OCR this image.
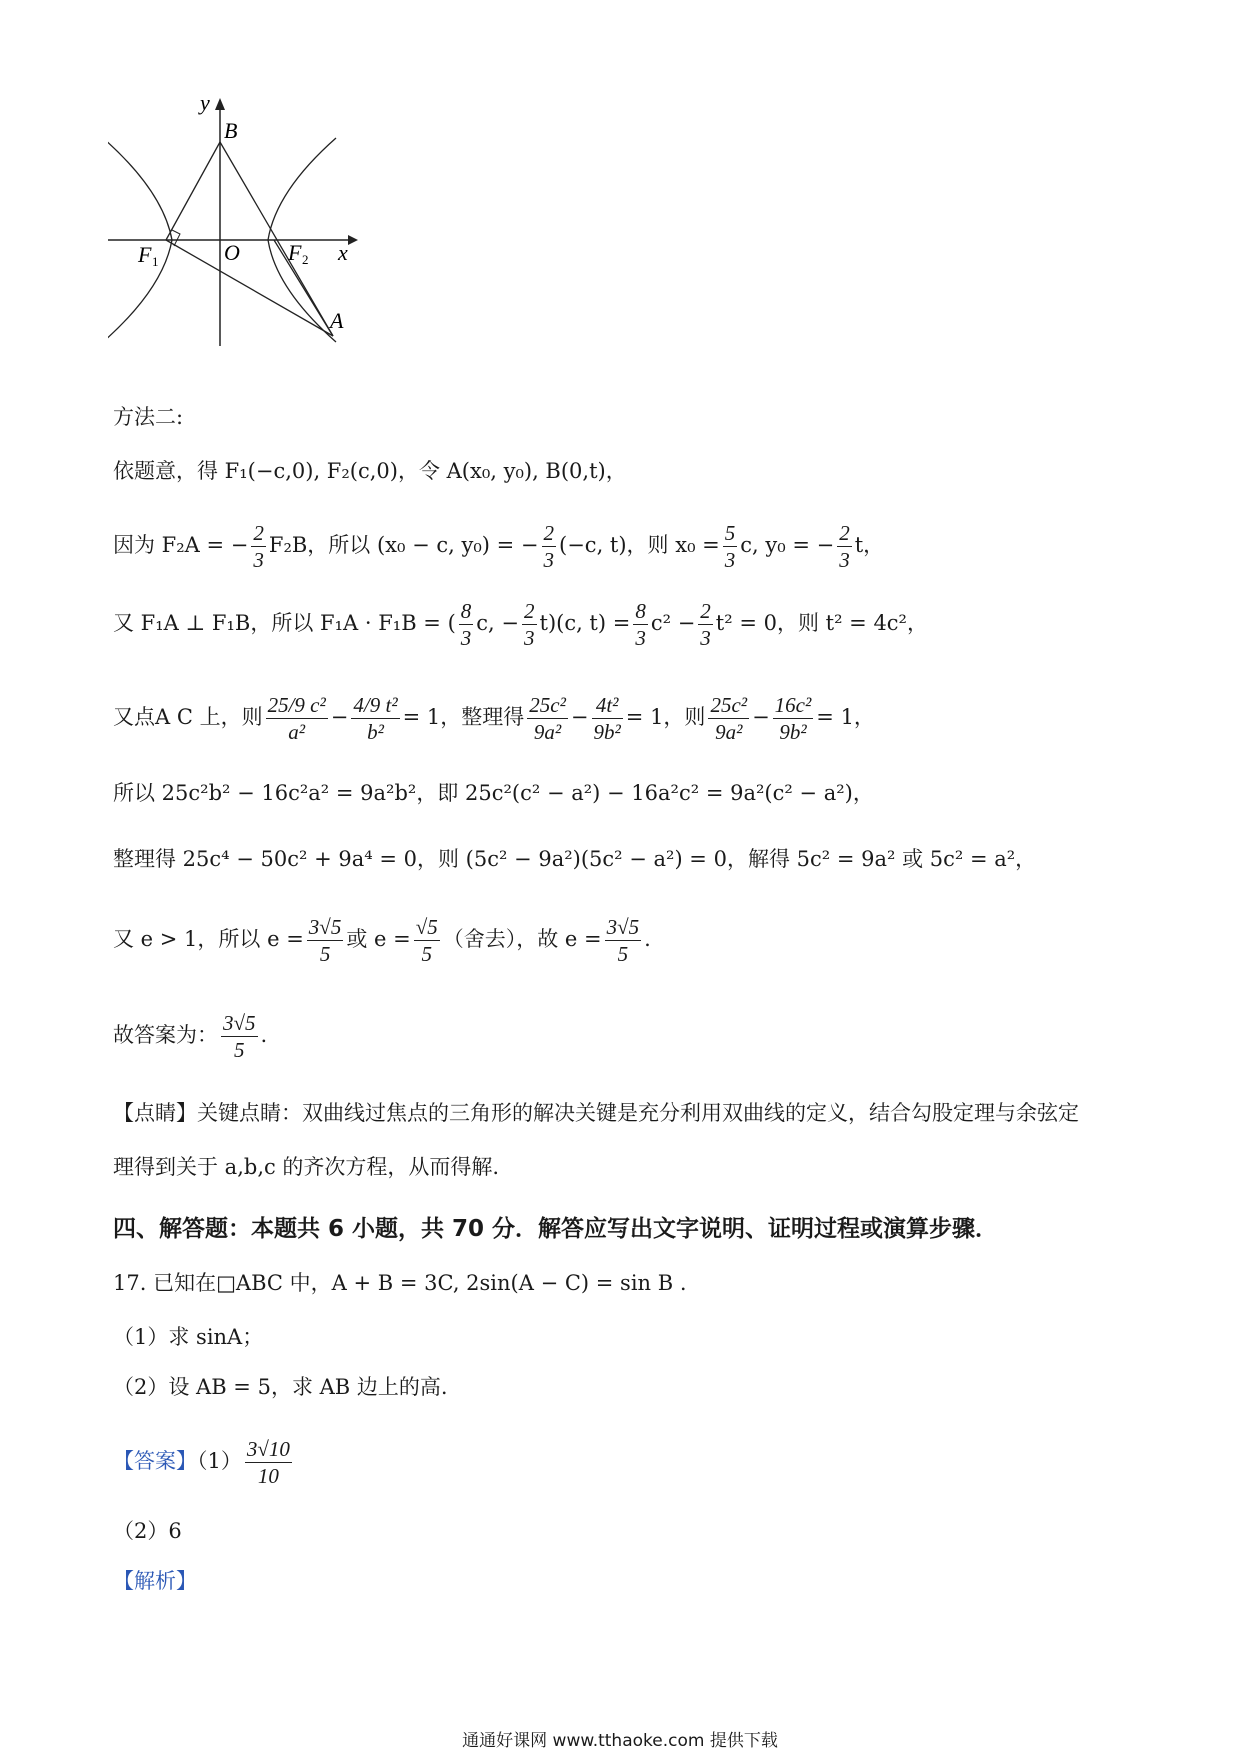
y
x
B
O
F 1	F 2
A
方法二:
依题意，得 F₁(−c,0), F₂(c,0)，令 A(x₀, y₀), B(0,t)，
因为 F₂A = − $\frac{2}{3} F_2B$，所以 (x₀ − c, y₀) = − $\frac{2}{3} (-c$, t)，则 $x_0 = \frac{5}{3} c$, y₀ = − $\frac{2}{3}$ t，
又 F₁A ⊥ F₁B，所以 F₁A · F₁B = ( $\frac{8}{3} c$, − $\frac{2}{3} t)(c$, $t) = \frac{8}{3} c^2 - \frac{2}{3} t^2 = 0$，则 t² = 4c²，
又点A C 上，则 $\frac{\text{25/9 c²}}{\text{a²}} - \frac{\text{4/9 t²}}{\text{b²}} = 1$，整理得 $\frac{\text{25c²}}{\text{9a²}} - \frac{\text{4t²}}{\text{9b²}} = 1$，则 $\frac{\text{25c²}}{\text{9a²}} - \frac{\text{16c²}}{\text{9b²}} = 1$，
所以 25c²b² − 16c²a² = 9a²b²，即 25c²(c² − a²) − 16a²c² = 9a²(c² − a²)，
整理得 25c⁴ − 50c² + 9a⁴ = 0，则 (5c² − 9a²)(5c² − a²) = 0，解得 5c² = 9a² 或 5c² = a²，
又 e > 1，所以 $e = \frac{3√5}{5}$ 或 $e = \frac{√5}{5}$ （舍去），故 $e = \frac{3√5}{5}$ .
故答案为： $\frac{3√5}{5}$ .
【点睛】关键点睛：双曲线过焦点的三角形的解决关键是充分利用双曲线的定义，结合勾股定理与余弦定
理得到关于 a,b,c 的齐次方程，从而得解.
四、解答题：本题共 6 小题，共 70 分．解答应写出文字说明、证明过程或演算步骤．
17. 已知在□ABC 中，A + B = 3C, 2sin(A − C) = sin B .
（1）求 sinA；
（2）设 AB = 5，求 AB 边上的高.
【答案】$(1) \frac{3√10}{10}$
（2）6
【解析】
通通好课网 www.tthaoke.com 提供下载
